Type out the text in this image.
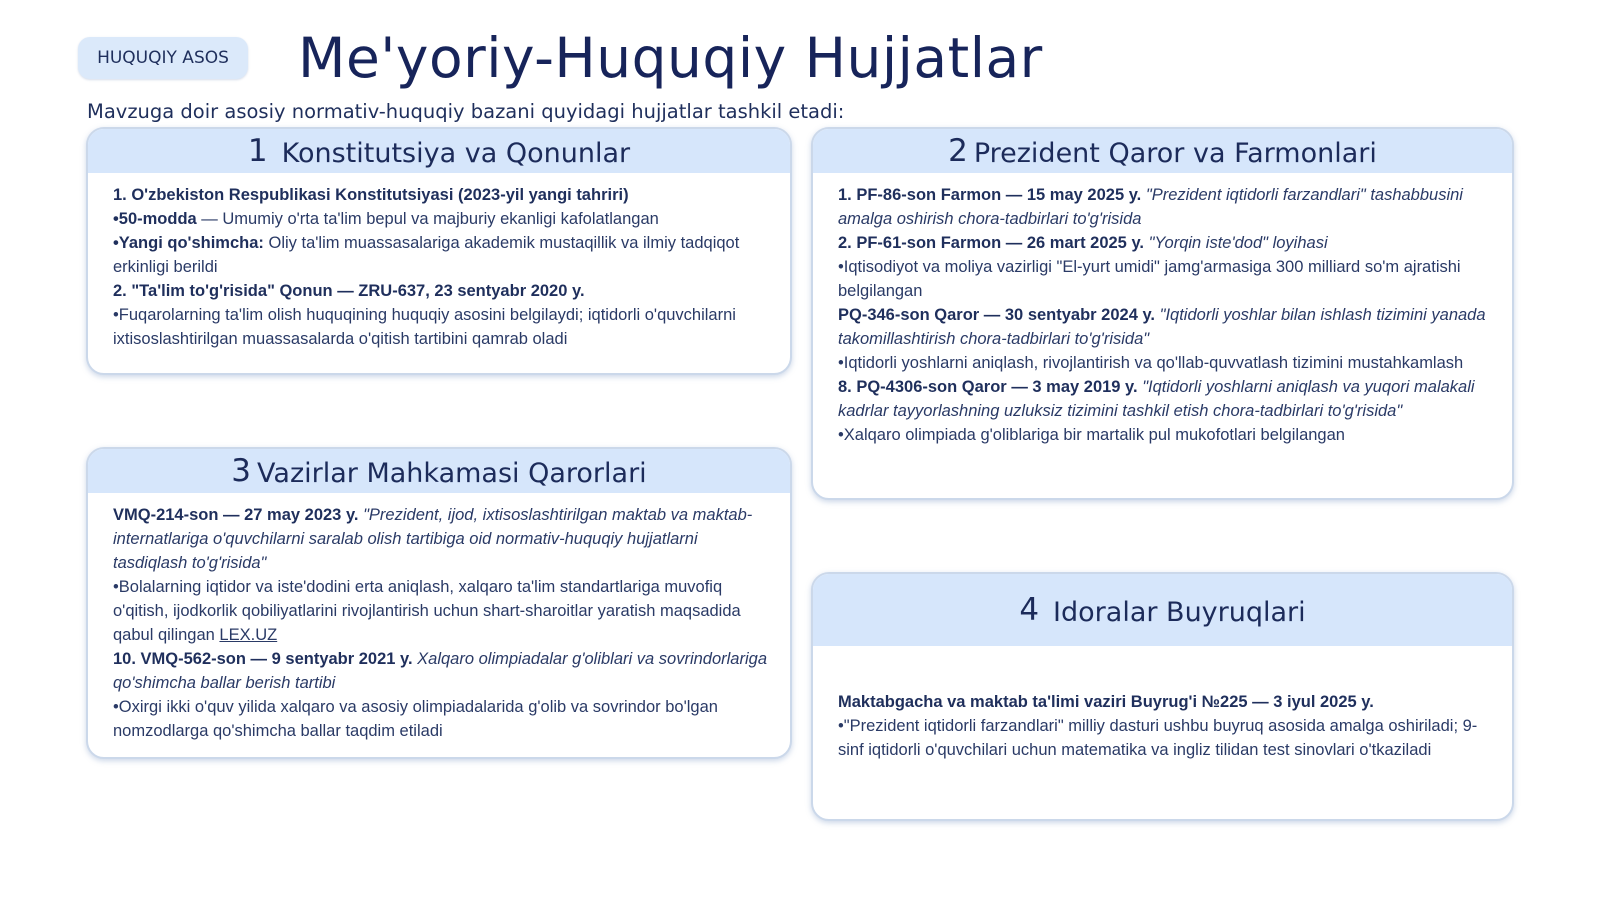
HUQUQIY ASOS	Me'yoriy-Huquqiy Hujjatlar
Mavzuga doir asosiy normativ-huquqiy bazani quyidagi hujjatlar tashkil etadi:
1 Konstitutsiya va Qonunlar

1. O'zbekiston Respublikasi Konstitutsiyasi (2023-yil yangi tahriri)

•50-modda — Umumiy o'rta ta'lim bepul va majburiy ekanligi kafolatlangan

•Yangi qo'shimcha: Oliy ta'lim muassasalariga akademik mustaqillik va ilmiy tadqiqot erkinligi berildi

2. "Ta'lim to'g'risida" Qonun — ZRU-637, 23 sentyabr 2020 y.

•Fuqarolarning ta'lim olish huquqining huquqiy asosini belgilaydi; iqtidorli o'quvchilarni ixtisoslashtirilgan muassasalarda o'qitish tartibini qamrab oladi

2 Prezident Qaror va Farmonlari

1. PF-86-son Farmon — 15 may 2025 y. "Prezident iqtidorli farzandlari" tashabbusini amalga oshirish chora-tadbirlari to'g'risida

2. PF-61-son Farmon — 26 mart 2025 y. "Yorqin iste'dod" loyihasi

•Iqtisodiyot va moliya vazirligi "El-yurt umidi" jamg'armasiga 300 milliard so'm ajratishi belgilangan

PQ-346-son Qaror — 30 sentyabr 2024 y. "Iqtidorli yoshlar bilan ishlash tizimini yanada takomillashtirish chora-tadbirlari to'g'risida"

•Iqtidorli yoshlarni aniqlash, rivojlantirish va qo'llab-quvvatlash tizimini mustahkamlash

8. PQ-4306-son Qaror — 3 may 2019 y. "Iqtidorli yoshlarni aniqlash va yuqori malakali kadrlar tayyorlashning uzluksiz tizimini tashkil etish chora-tadbirlari to'g'risida"

•Xalqaro olimpiada g'oliblariga bir martalik pul mukofotlari belgilangan

3 Vazirlar Mahkamasi Qarorlari

VMQ-214-son — 27 may 2023 y. "Prezident, ijod, ixtisoslashtirilgan maktab va maktab-internatlariga o'quvchilarni saralab olish tartibiga oid normativ-huquqiy hujjatlarni tasdiqlash to'g'risida"

•Bolalarning iqtidor va iste'dodini erta aniqlash, xalqaro ta'lim standartlariga muvofiq o'qitish, ijodkorlik qobiliyatlarini rivojlantirish uchun shart-sharoitlar yaratish maqsadida qabul qilingan LEX.UZ

10. VMQ-562-son — 9 sentyabr 2021 y. Xalqaro olimpiadalar g'oliblari va sovrindorlariga qo'shimcha ballar berish tartibi

•Oxirgi ikki o'quv yilida xalqaro va asosiy olimpiadalarida g'olib va sovrindor bo'lgan nomzodlarga qo'shimcha ballar taqdim etiladi

4 Idoralar Buyruqlari

Maktabgacha va maktab ta'limi vaziri Buyrug'i №225 — 3 iyul 2025 y.

•"Prezident iqtidorli farzandlari" milliy dasturi ushbu buyruq asosida amalga oshiriladi; 9-sinf iqtidorli o'quvchilari uchun matematika va ingliz tilidan test sinovlari o'tkaziladi
